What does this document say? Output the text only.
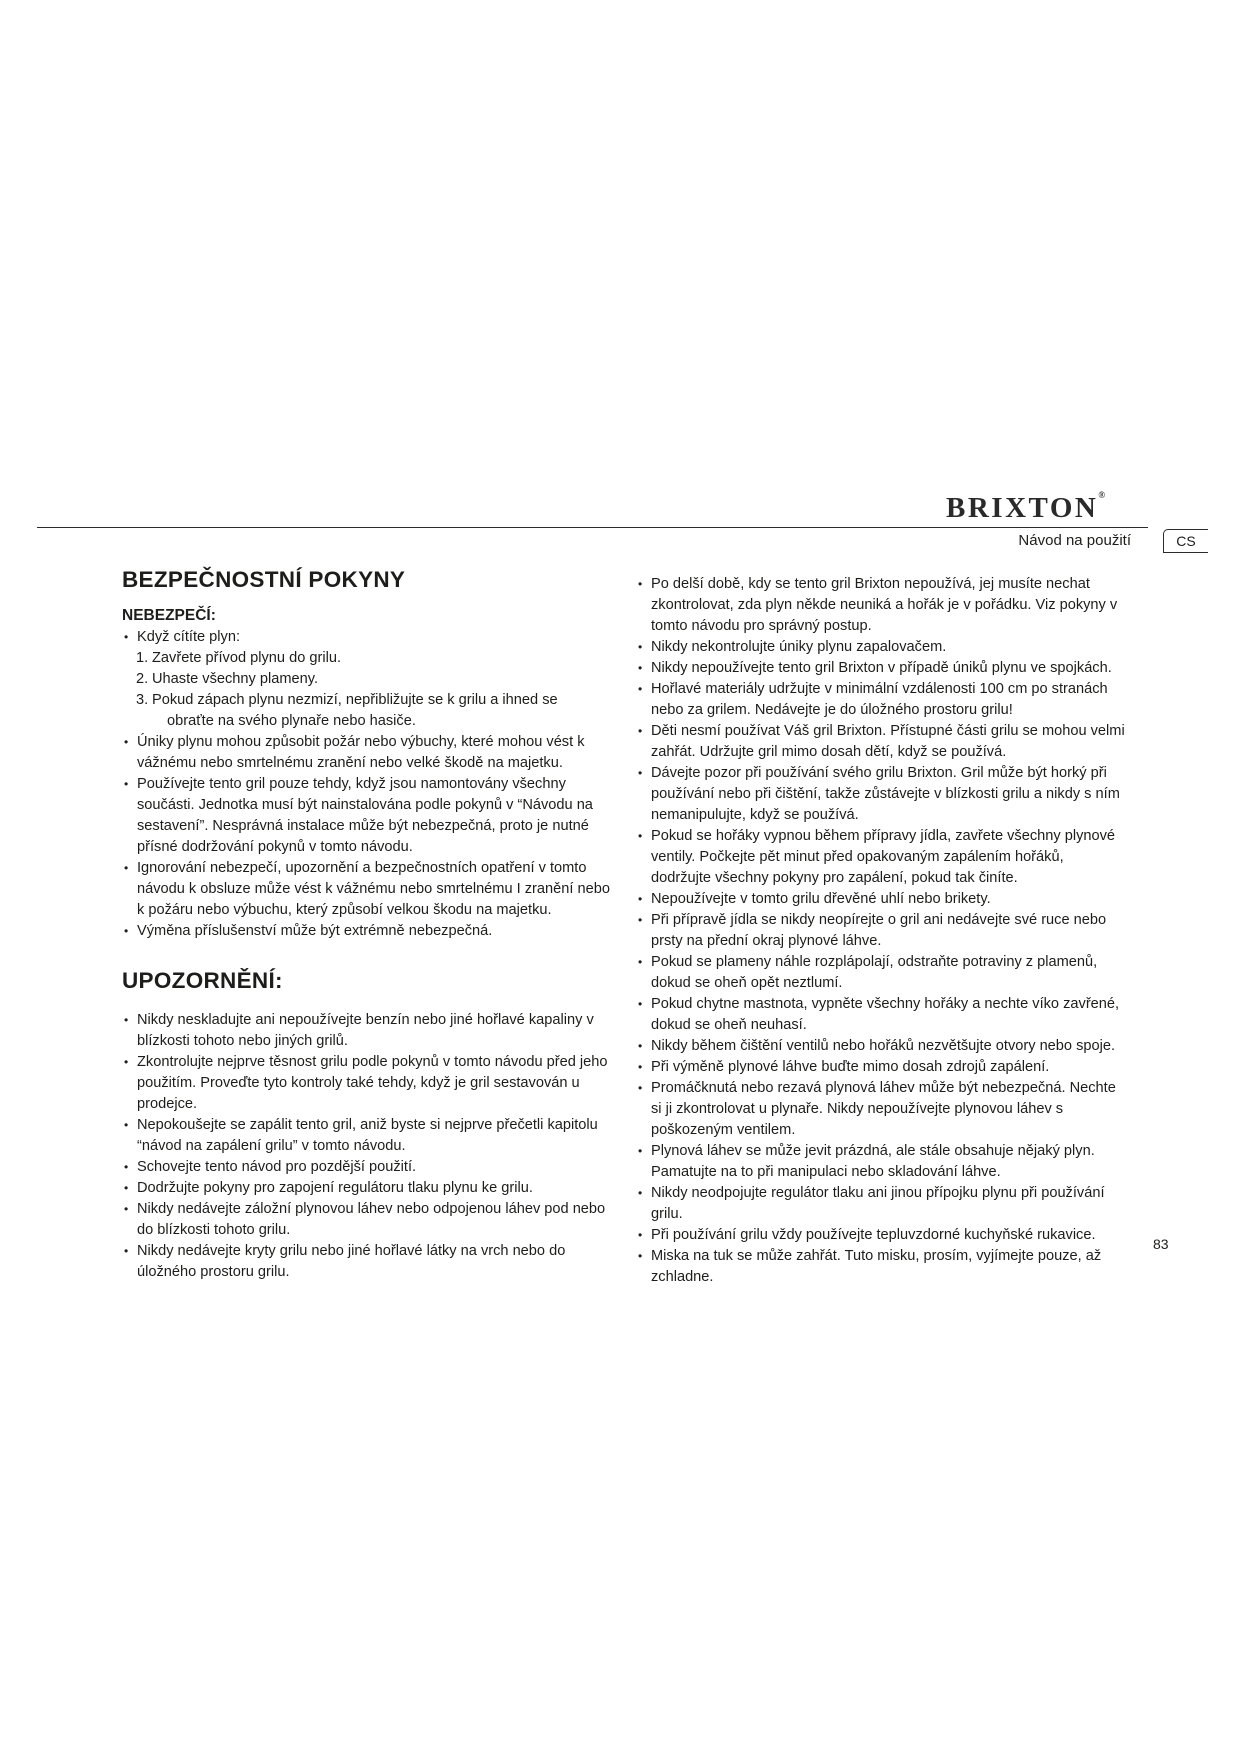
BRIXTON®
Návod na použití	CS
BEZPEČNOSTNÍ POKYNY
NEBEZPEČÍ:
• Když cítíte plyn:
1. Zavřete přívod plynu do grilu.
2. Uhaste všechny plameny.
3. Pokud zápach plynu nezmizí, nepřibližujte se k grilu a ihned se
obraťte na svého plynaře nebo hasiče.
• Úniky plynu mohou způsobit požár nebo výbuchy, které mohou vést k vážnému nebo smrtelnému zranění nebo velké škodě na majetku.
• Používejte tento gril pouze tehdy, když jsou namontovány všechny součásti. Jednotka musí být nainstalována podle pokynů v “Návodu na sestavení”. Nesprávná instalace může být nebezpečná, proto je nutné přísné dodržování pokynů v tomto návodu.
• Ignorování nebezpečí, upozornění a bezpečnostních opatření v tomto návodu k obsluze může vést k vážnému nebo smrtelnému I zranění nebo k požáru nebo výbuchu, který způsobí velkou škodu na majetku.
• Výměna příslušenství může být extrémně nebezpečná.
UPOZORNĚNÍ:
• Nikdy neskladujte ani nepoužívejte benzín nebo jiné hořlavé kapaliny v blízkosti tohoto nebo jiných grilů.
• Zkontrolujte nejprve těsnost grilu podle pokynů v tomto návodu před jeho použitím. Proveďte tyto kontroly také tehdy, když je gril sestavován u prodejce.
• Nepokoušejte se zapálit tento gril, aniž byste si nejprve přečetli kapitolu “návod na zapálení grilu” v tomto návodu.
• Schovejte tento návod pro pozdější použití.
• Dodržujte pokyny pro zapojení regulátoru tlaku plynu ke grilu.
• Nikdy nedávejte záložní plynovou láhev nebo odpojenou láhev pod nebo do blízkosti tohoto grilu.
• Nikdy nedávejte kryty grilu nebo jiné hořlavé látky na vrch nebo do úložného prostoru grilu.
• Po delší době, kdy se tento gril Brixton nepoužívá, jej musíte nechat zkontrolovat, zda plyn někde neuniká a hořák je v pořádku. Viz pokyny v tomto návodu pro správný postup.
• Nikdy nekontrolujte úniky plynu zapalovačem.
• Nikdy nepoužívejte tento gril Brixton v případě úniků plynu ve spojkách.
• Hořlavé materiály udržujte v minimální vzdálenosti 100 cm po stranách nebo za grilem. Nedávejte je do úložného prostoru grilu!
• Děti nesmí používat Váš gril Brixton. Přístupné části grilu se mohou velmi zahřát. Udržujte gril mimo dosah dětí, když se používá.
• Dávejte pozor při používání svého grilu Brixton. Gril může být horký při používání nebo při čištění, takže zůstávejte v blízkosti grilu a nikdy s ním nemanipulujte, když se používá.
• Pokud se hořáky vypnou během přípravy jídla, zavřete všechny plynové ventily. Počkejte pět minut před opakovaným zapálením hořáků, dodržujte všechny pokyny pro zapálení, pokud tak činíte.
• Nepoužívejte v tomto grilu dřevěné uhlí nebo brikety.
• Při přípravě jídla se nikdy neopírejte o gril ani nedávejte své ruce nebo prsty na přední okraj plynové láhve.
• Pokud se plameny náhle rozplápolají, odstraňte potraviny z plamenů, dokud se oheň opět neztlumí.
• Pokud chytne mastnota, vypněte všechny hořáky a nechte víko zavřené, dokud se oheň neuhasí.
• Nikdy během čištění ventilů nebo hořáků nezvětšujte otvory nebo spoje.
• Při výměně plynové láhve buďte mimo dosah zdrojů zapálení.
• Promáčknutá nebo rezavá plynová láhev může být nebezpečná. Nechte si ji zkontrolovat u plynaře. Nikdy nepoužívejte plynovou láhev s poškozeným ventilem.
• Plynová láhev se může jevit prázdná, ale stále obsahuje nějaký plyn. Pamatujte na to při manipulaci nebo skladování láhve.
• Nikdy neodpojujte regulátor tlaku ani jinou přípojku plynu při používání grilu.
• Při používání grilu vždy používejte tepluvzdorné kuchyňské rukavice.
• Miska na tuk se může zahřát. Tuto misku, prosím, vyjímejte pouze, až zchladne.
83
